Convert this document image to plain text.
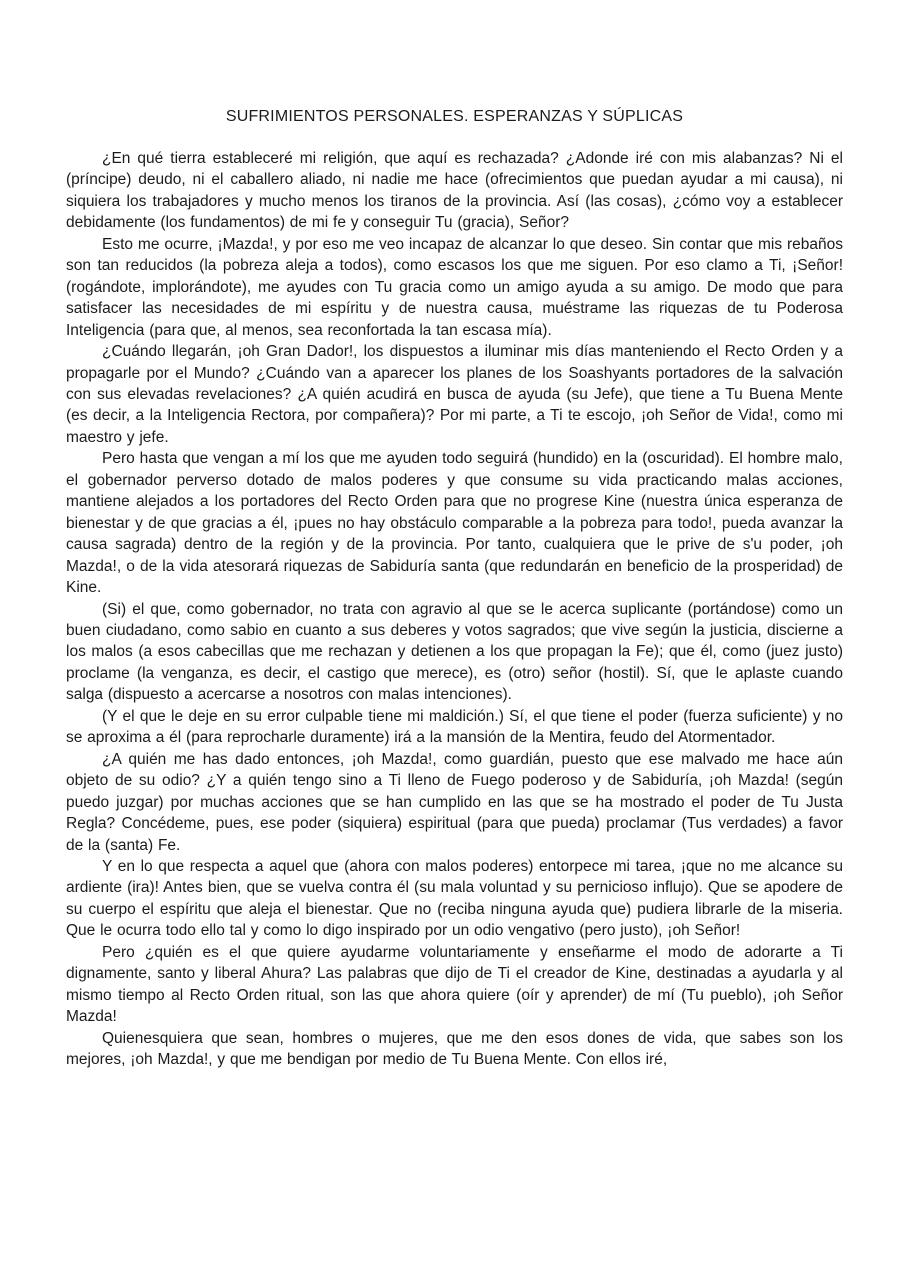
SUFRIMIENTOS PERSONALES. ESPERANZAS Y SÚPLICAS

¿En qué tierra estableceré mi religión, que aquí es rechazada? ¿Adonde iré con mis alabanzas? Ni el (príncipe) deudo, ni el caballero aliado, ni nadie me hace (ofrecimientos que puedan ayudar a mi causa), ni siquiera los trabajadores y mucho menos los tiranos de la provincia. Así (las cosas), ¿cómo voy a establecer debidamente (los fundamentos) de mi fe y conseguir Tu (gracia), Señor?

Esto me ocurre, ¡Mazda!, y por eso me veo incapaz de alcanzar lo que deseo. Sin contar que mis rebaños son tan reducidos (la pobreza aleja a todos), como escasos los que me siguen. Por eso clamo a Ti, ¡Señor! (rogándote, implorándote), me ayudes con Tu gracia como un amigo ayuda a su amigo. De modo que para satisfacer las necesidades de mi espíritu y de nuestra causa, muéstrame las riquezas de tu Poderosa Inteligencia (para que, al menos, sea reconfortada la tan escasa mía).

¿Cuándo llegarán, ¡oh Gran Dador!, los dispuestos a iluminar mis días manteniendo el Recto Orden y a propagarle por el Mundo? ¿Cuándo van a aparecer los planes de los Soashyants portadores de la salvación con sus elevadas revelaciones? ¿A quién acudirá en busca de ayuda (su Jefe), que tiene a Tu Buena Mente (es decir, a la Inteligencia Rectora, por compañera)? Por mi parte, a Ti te escojo, ¡oh Señor de Vida!, como mi maestro y jefe.

Pero hasta que vengan a mí los que me ayuden todo seguirá (hundido) en la (oscuridad). El hombre malo, el gobernador perverso dotado de malos poderes y que consume su vida practicando malas acciones, mantiene alejados a los portadores del Recto Orden para que no progrese Kine (nuestra única esperanza de bienestar y de que gracias a él, ¡pues no hay obstáculo comparable a la pobreza para todo!, pueda avanzar la causa sagrada) dentro de la región y de la provincia. Por tanto, cualquiera que le prive de s'u poder, ¡oh Mazda!, o de la vida atesorará riquezas de Sabiduría santa (que redundarán en beneficio de la prosperidad) de Kine.

(Si) el que, como gobernador, no trata con agravio al que se le acerca suplicante (portándose) como un buen ciudadano, como sabio en cuanto a sus deberes y votos sagrados; que vive según la justicia, discierne a los malos (a esos cabecillas que me rechazan y detienen a los que propagan la Fe); que él, como (juez justo) proclame (la venganza, es decir, el castigo que merece), es (otro) señor (hostil). Sí, que le aplaste cuando salga (dispuesto a acercarse a nosotros con malas intenciones).

(Y el que le deje en su error culpable tiene mi maldición.) Sí, el que tiene el poder (fuerza suficiente) y no se aproxima a él (para reprocharle duramente) irá a la mansión de la Mentira, feudo del Atormentador.

¿A quién me has dado entonces, ¡oh Mazda!, como guardián, puesto que ese malvado me hace aún objeto de su odio? ¿Y a quién tengo sino a Ti lleno de Fuego poderoso y de Sabiduría, ¡oh Mazda! (según puedo juzgar) por muchas acciones que se han cumplido en las que se ha mostrado el poder de Tu Justa Regla? Concédeme, pues, ese poder (siquiera) espiritual (para que pueda) proclamar (Tus verdades) a favor de la (santa) Fe.

Y en lo que respecta a aquel que (ahora con malos poderes) entorpece mi tarea, ¡que no me alcance su ardiente (ira)! Antes bien, que se vuelva contra él (su mala voluntad y su pernicioso influjo). Que se apodere de su cuerpo el espíritu que aleja el bienestar. Que no (reciba ninguna ayuda que) pudiera librarle de la miseria. Que le ocurra todo ello tal y como lo digo inspirado por un odio vengativo (pero justo), ¡oh Señor!

Pero ¿quién es el que quiere ayudarme voluntariamente y enseñarme el modo de adorarte a Ti dignamente, santo y liberal Ahura? Las palabras que dijo de Ti el creador de Kine, destinadas a ayudarla y al mismo tiempo al Recto Orden ritual, son las que ahora quiere (oír y aprender) de mí (Tu pueblo), ¡oh Señor Mazda!

Quienesquiera que sean, hombres o mujeres, que me den esos dones de vida, que sabes son los mejores, ¡oh Mazda!, y que me bendigan por medio de Tu Buena Mente. Con ellos iré,
